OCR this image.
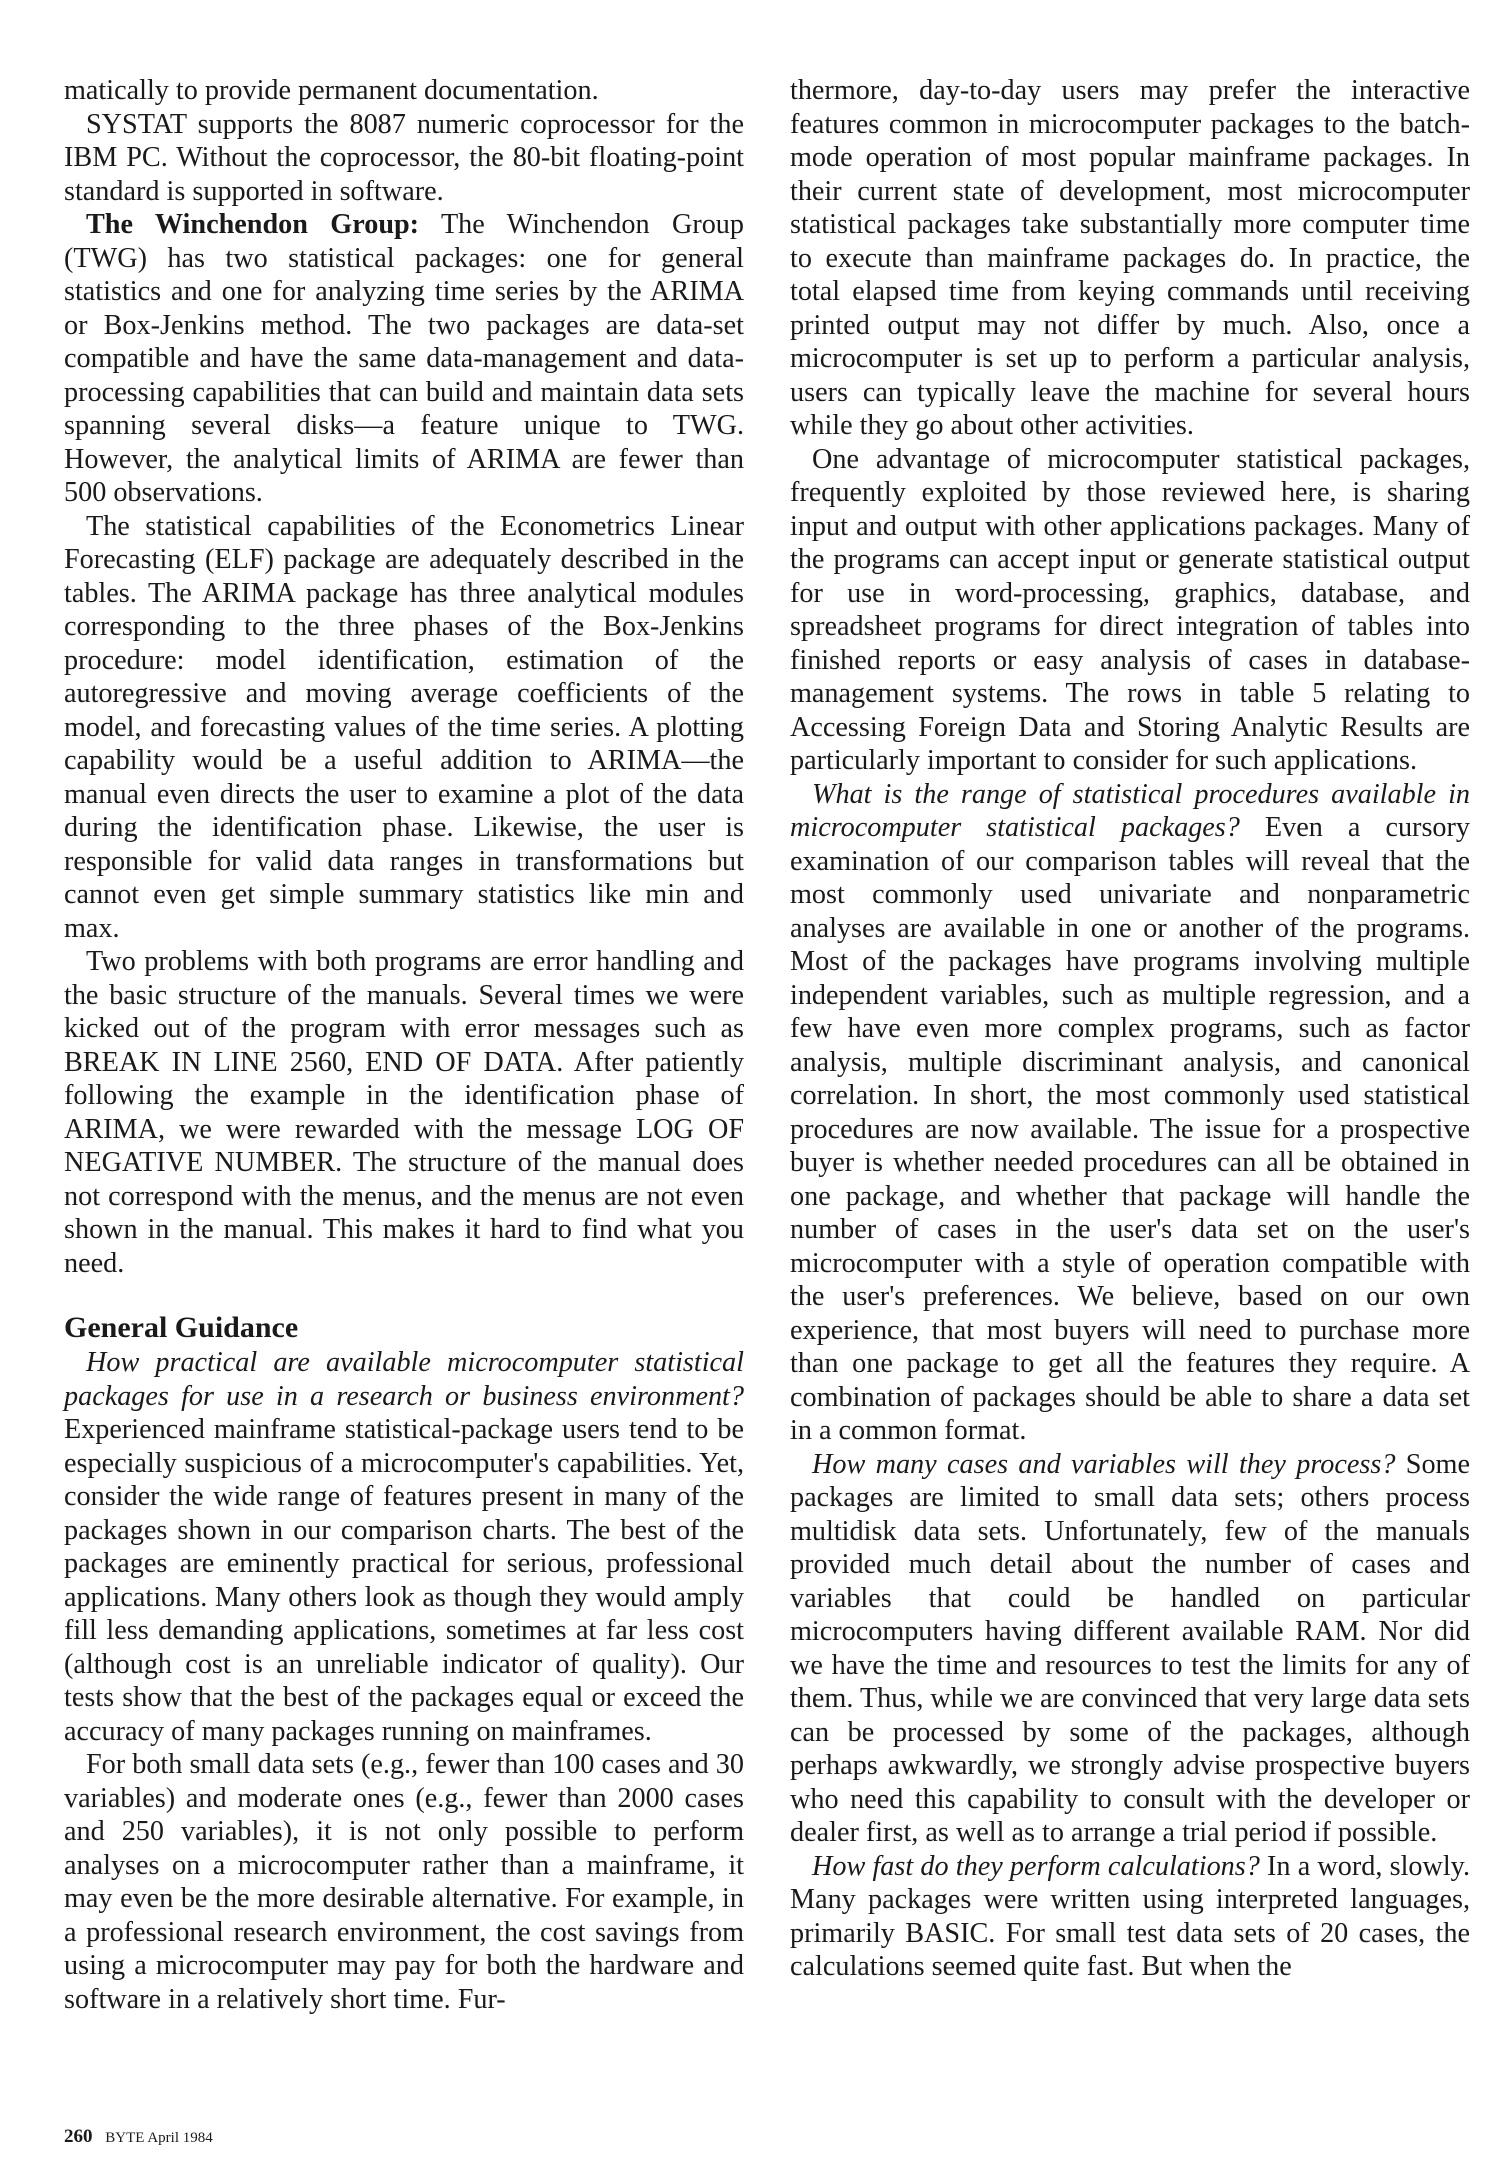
matically to provide permanent documentation.

SYSTAT supports the 8087 numeric coprocessor for the IBM PC. Without the coprocessor, the 80-bit floating-point standard is supported in software.

The Winchendon Group: The Winchendon Group (TWG) has two statistical packages: one for general statistics and one for analyzing time series by the ARIMA or Box-Jenkins method. The two packages are data-set compatible and have the same data-management and data-processing capabilities that can build and maintain data sets spanning several disks—a feature unique to TWG. However, the analytical limits of ARIMA are fewer than 500 observations.

The statistical capabilities of the Econometrics Linear Forecasting (ELF) package are adequately described in the tables. The ARIMA package has three analytical modules corresponding to the three phases of the Box-Jenkins procedure: model identification, estimation of the autoregressive and moving average coefficients of the model, and forecasting values of the time series. A plotting capability would be a useful addition to ARIMA—the manual even directs the user to examine a plot of the data during the identification phase. Likewise, the user is responsible for valid data ranges in transformations but cannot even get simple summary statistics like min and max.

Two problems with both programs are error handling and the basic structure of the manuals. Several times we were kicked out of the program with error messages such as BREAK IN LINE 2560, END OF DATA. After patiently following the example in the identification phase of ARIMA, we were rewarded with the message LOG OF NEGATIVE NUMBER. The structure of the manual does not correspond with the menus, and the menus are not even shown in the manual. This makes it hard to find what you need.

General Guidance

How practical are available microcomputer statistical packages for use in a research or business environment? Experienced mainframe statistical-package users tend to be especially suspicious of a microcomputer's capabilities. Yet, consider the wide range of features present in many of the packages shown in our comparison charts. The best of the packages are eminently practical for serious, professional applications. Many others look as though they would amply fill less demanding applications, sometimes at far less cost (although cost is an unreliable indicator of quality). Our tests show that the best of the packages equal or exceed the accuracy of many packages running on mainframes.

For both small data sets (e.g., fewer than 100 cases and 30 variables) and moderate ones (e.g., fewer than 2000 cases and 250 variables), it is not only possible to perform analyses on a microcomputer rather than a mainframe, it may even be the more desirable alternative. For example, in a professional research environment, the cost savings from using a microcomputer may pay for both the hardware and software in a relatively short time. Fur-

thermore, day-to-day users may prefer the interactive features common in microcomputer packages to the batch-mode operation of most popular mainframe packages. In their current state of development, most microcomputer statistical packages take substantially more computer time to execute than mainframe packages do. In practice, the total elapsed time from keying commands until receiving printed output may not differ by much. Also, once a microcomputer is set up to perform a particular analysis, users can typically leave the machine for several hours while they go about other activities.

One advantage of microcomputer statistical packages, frequently exploited by those reviewed here, is sharing input and output with other applications packages. Many of the programs can accept input or generate statistical output for use in word-processing, graphics, database, and spreadsheet programs for direct integration of tables into finished reports or easy analysis of cases in database-management systems. The rows in table 5 relating to Accessing Foreign Data and Storing Analytic Results are particularly important to consider for such applications.

What is the range of statistical procedures available in microcomputer statistical packages? Even a cursory examination of our comparison tables will reveal that the most commonly used univariate and nonparametric analyses are available in one or another of the programs. Most of the packages have programs involving multiple independent variables, such as multiple regression, and a few have even more complex programs, such as factor analysis, multiple discriminant analysis, and canonical correlation. In short, the most commonly used statistical procedures are now available. The issue for a prospective buyer is whether needed procedures can all be obtained in one package, and whether that package will handle the number of cases in the user's data set on the user's microcomputer with a style of operation compatible with the user's preferences. We believe, based on our own experience, that most buyers will need to purchase more than one package to get all the features they require. A combination of packages should be able to share a data set in a common format.

How many cases and variables will they process? Some packages are limited to small data sets; others process multidisk data sets. Unfortunately, few of the manuals provided much detail about the number of cases and variables that could be handled on particular microcomputers having different available RAM. Nor did we have the time and resources to test the limits for any of them. Thus, while we are convinced that very large data sets can be processed by some of the packages, although perhaps awkwardly, we strongly advise prospective buyers who need this capability to consult with the developer or dealer first, as well as to arrange a trial period if possible.

How fast do they perform calculations? In a word, slowly. Many packages were written using interpreted languages, primarily BASIC. For small test data sets of 20 cases, the calculations seemed quite fast. But when the

260 BYTE April 1984
